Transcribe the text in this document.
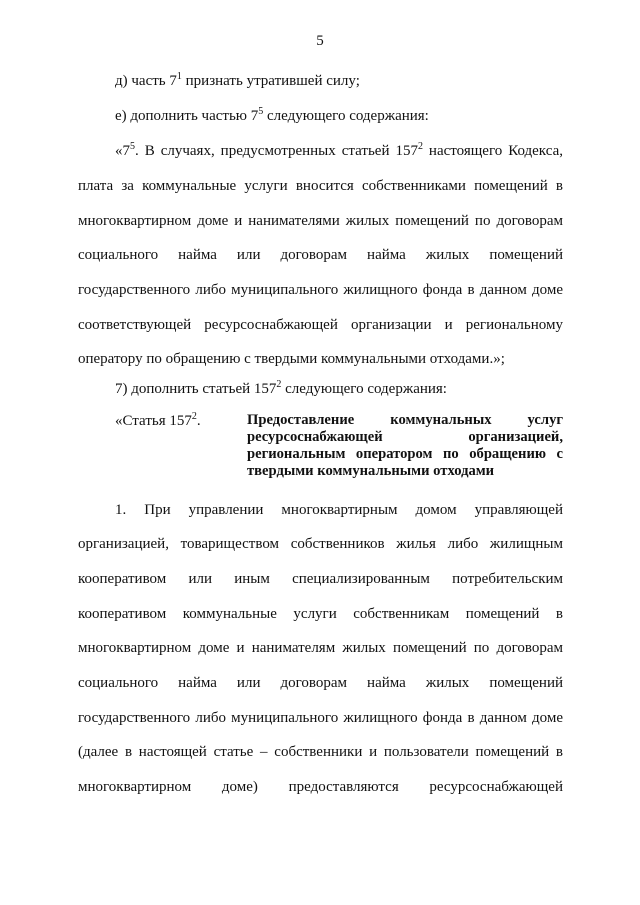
5
д) часть $7^1$ признать утратившей силу;
е) дополнить частью $7^5$ следующего содержания:
«$7^5$. В случаях, предусмотренных статьей $157^2$ настоящего Кодекса,
плата за коммунальные услуги вносится собственниками помещений в
многоквартирном доме и нанимателями жилых помещений по договорам
социального найма или договорам найма жилых помещений
государственного либо муниципального жилищного фонда в данном доме
соответствующей ресурсоснабжающей организации и региональному
оператору по обращению с твердыми коммунальными отходами.»;
7) дополнить статьей $157^2$ следующего содержания:
1. При управлении многоквартирным домом управляющей
организацией, товариществом собственников жилья либо жилищным
кооперативом или иным специализированным потребительским
кооперативом коммунальные услуги собственникам помещений в
многоквартирном доме и нанимателям жилых помещений по договорам
социального найма или договорам найма жилых помещений
государственного либо муниципального жилищного фонда в данном доме
(далее в настоящей статье – собственники и пользователи помещений в
многоквартирном доме) предоставляются ресурсоснабжающей
«Статья $157^2$.	Предоставление коммунальных услуг
ресурсоснабжающей организацией,
региональным оператором по обращению с
твердыми коммунальными отходами
